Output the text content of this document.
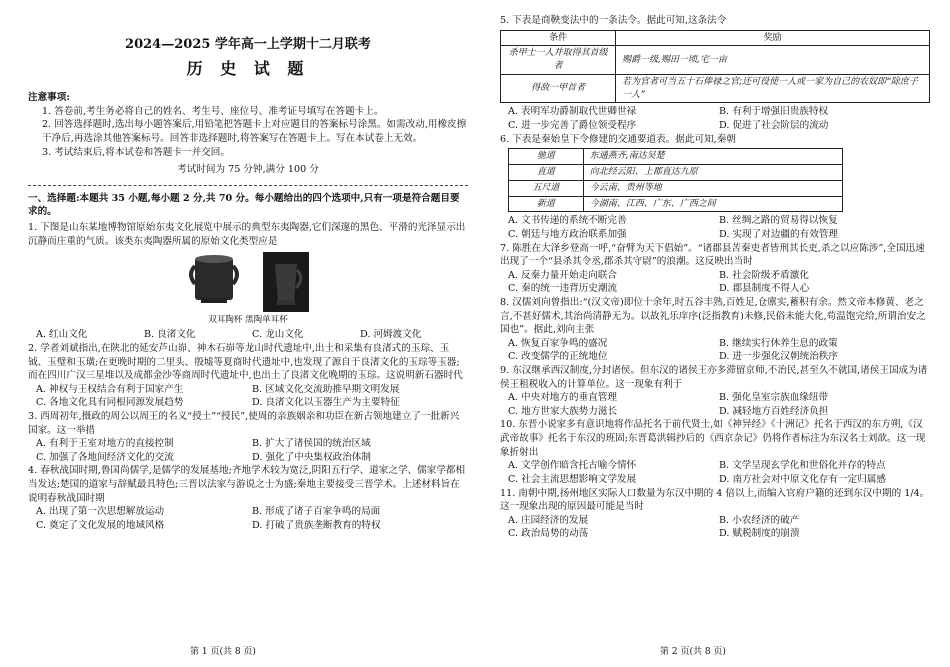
2024—2025 学年高一上学期十二月联考
历 史 试 题
注意事项:

1. 答卷前,考生务必将自己的姓名、考生号、座位号、准考证号填写在答题卡上。

2. 回答选择题时,选出每小题答案后,用铅笔把答题卡上对应题目的答案标号涂黑。如需改动,用橡皮擦干净后,再选涂其他答案标号。回答非选择题时,将答案写在答题卡上。写在本试卷上无效。

3. 考试结束后,将本试卷和答题卡一并交回。

考试时间为 75 分钟,满分 100 分
一、选择题:本题共 35 小题,每小题 2 分,共 70 分。每小题给出的四个选项中,只有一项是符合题目要求的。
1. 下图是山东某地博物馆原始东夷文化展览中展示的典型东夷陶器,它们深邃的黑色、平滑的光泽显示出沉静而庄重的气质。该类东夷陶器所属的原始文化类型应是
双耳陶杯 黑陶单耳杯
A. 红山文化	B. 良渚文化	C. 龙山文化	D. 河姆渡文化
2. 学者刘斌指出,在陕北的延安芦山峁、神木石峁等龙山时代遗址中,出土和采集有良渚式的玉琮、玉钺、玉璧和玉璜;在更晚时期的二里头、殷墟等夏商时代遗址中,也发现了源自于良渚文化的玉琮等玉器;而在四川广汉三星堆以及成都金沙等商周时代遗址中,也出土了良渚文化晚期的玉琮。这说明新石器时代
A. 神权与王权结合有利于国家产生	B. 区域文化交流助推早期文明发展
C. 各地文化具有同根同源发展趋势	D. 良渚文化以玉器生产为主要特征
3. 西周初年,摄政的周公以周王的名义“授土”“授民”,使周的亲族姻亲和功臣在新占领地建立了一批新兴国家。这一举措
A. 有利于王室对地方的直接控制	B. 扩大了诸侯国的统治区域
C. 加强了各地间经济文化的交流	D. 强化了中央集权政治体制
4. 春秋战国时期,鲁国尚儒学,是儒学的发展基地;齐地学术较为宽泛,阴阳五行学、道家之学、儒家学都相当发达;楚国的道家与辞赋最具特色;三晋以法家与游说之士为盛;秦地主要接受三晋学术。上述材料旨在说明春秋战国时期
A. 出现了第一次思想解放运动	B. 形成了诸子百家争鸣的局面
C. 奠定了文化发展的地域风格	D. 打破了贵族垄断教育的特权
5. 下表是商鞅变法中的一条法令。据此可知,这条法令
条件	奖励
杀甲士一人并取得其首级者	赐爵一级,赐田一顷,宅一亩
得敌一甲首者	若为官者可当五十石俸禄之官;还可役使一人或一家为自己的农奴即“除庶子一人”
A. 表明军功爵制取代世卿世禄	B. 有利于增强旧贵族特权
C. 进一步完善了爵位领受程序	D. 促进了社会阶层的流动
6. 下表是秦始皇下令修建的交通要道表。据此可知,秦朝
驰道	东通燕齐,南达吴楚
直道	向北经云阳、上郡直达九原
五尺道	今云南、贵州等地
新道	今湖南、江西、广东、广西之间
A. 文书传递的系统不断完善	B. 丝绸之路的贸易得以恢复
C. 朝廷与地方政治联系加强	D. 实现了对边疆的有效管理
7. 陈胜在大泽乡登高一呼,“奋臂为天下倡始”。“诸郡县苦秦吏者皆刑其长吏,杀之以应陈涉”,全国迅速出现了一个“县杀其令丞,郡杀其守尉”的浪潮。这反映出当时
A. 反秦力量开始走向联合	B. 社会阶级矛盾激化
C. 秦的统一违背历史潮流	D. 郡县制度不得人心
8. 汉儒刘向曾指出:“(汉文帝)即位十余年,时五谷丰熟,百姓足,仓廪实,蓄积有余。然文帝本修黄、老之言,不甚好儒术,其治尚清静无为。以故礼乐庠序(泛指教育)未修,民俗未能大化,苟温饱完给,所谓治安之国也”。据此,刘向主张
A. 恢复百家争鸣的盛况	B. 继续实行休养生息的政策
C. 改变儒学的正统地位	D. 进一步强化汉朝统治秩序
9. 东汉继承西汉制度,分封诸侯。但东汉的诸侯王亦多滞留京师,不治民,甚至久不就国,诸侯王国成为诸侯王租税收入的计算单位。这一现象有利于
A. 中央对地方的垂直管理	B. 强化皇室宗族血缘纽带
C. 地方世家大族势力滋长	D. 减轻地方百姓经济负担
10. 东晋小说家多有意识地将作品托名于前代贤士,如《神异经》《十洲记》托名于西汉的东方朔,《汉武帝故事》托名于东汉的班固;东晋葛洪辑抄后的《西京杂记》仍将作者标注为东汉名士刘歆。这一现象折射出
A. 文学创作暗含托古喻今情怀	B. 文学呈现玄学化和世俗化并存的特点
C. 社会主流思想影响文学发展	D. 南方社会对中原文化存有一定归属感
11. 南朝中期,扬州地区实际人口数量为东汉中期的 4 倍以上,而编入官府户籍的还到东汉中期的 1/4。这一现象出现的原因最可能是当时
A. 庄园经济的发展	B. 小农经济的破产
C. 政治局势的动荡	D. 赋税制度的崩溃
第 1 页(共 8 页)	第 2 页(共 8 页)
